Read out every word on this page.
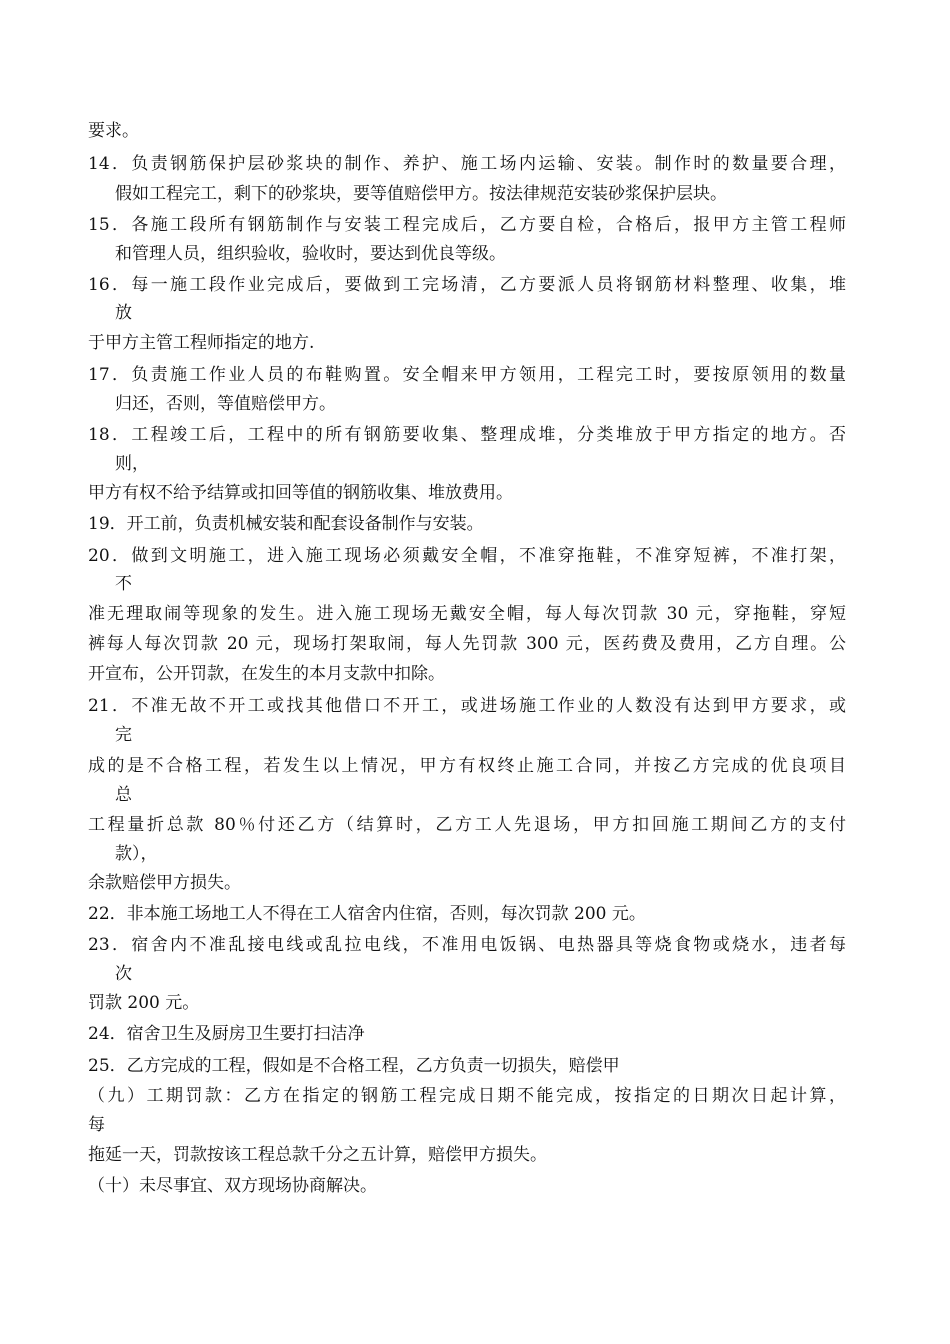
要求。
14．负责钢筋保护层砂浆块的制作、养护、施工场内运输、安装。制作时的数量要合理，
假如工程完工，剩下的砂浆块，要等值赔偿甲方。按法律规范安装砂浆保护层块。
15．各施工段所有钢筋制作与安装工程完成后，乙方要自检，合格后，报甲方主管工程师
和管理人员，组织验收，验收时，要达到优良等级。
16．每一施工段作业完成后，要做到工完场清，乙方要派人员将钢筋材料整理、收集，堆
放
于甲方主管工程师指定的地方.
17．负责施工作业人员的布鞋购置。安全帽来甲方领用，工程完工时，要按原领用的数量
归还，否则，等值赔偿甲方。
18．工程竣工后，工程中的所有钢筋要收集、整理成堆，分类堆放于甲方指定的地方。否
则，
甲方有权不给予结算或扣回等值的钢筋收集、堆放费用。
19．开工前，负责机械安装和配套设备制作与安装。
20．做到文明施工，进入施工现场必须戴安全帽，不准穿拖鞋，不准穿短裤，不准打架，
不
准无理取闹等现象的发生。进入施工现场无戴安全帽，每人每次罚款 30 元，穿拖鞋，穿短
裤每人每次罚款 20 元，现场打架取闹，每人先罚款 300 元，医药费及费用，乙方自理。公
开宣布，公开罚款，在发生的本月支款中扣除。
21．不准无故不开工或找其他借口不开工，或进场施工作业的人数没有达到甲方要求，或
完
成的是不合格工程，若发生以上情况，甲方有权终止施工合同，并按乙方完成的优良项目
总
工程量折总款 80％付还乙方（结算时，乙方工人先退场，甲方扣回施工期间乙方的支付
款），
余款赔偿甲方损失。
22．非本施工场地工人不得在工人宿舍内住宿，否则，每次罚款 200 元。
23．宿舍内不准乱接电线或乱拉电线，不准用电饭锅、电热器具等烧食物或烧水，违者每
次
罚款 200 元。
24．宿舍卫生及厨房卫生要打扫洁净
25．乙方完成的工程，假如是不合格工程，乙方负责一切损失，赔偿甲
（九）工期罚款：乙方在指定的钢筋工程完成日期不能完成，按指定的日期次日起计算，
每
拖延一天，罚款按该工程总款千分之五计算，赔偿甲方损失。
（十）未尽事宜、双方现场协商解决。
